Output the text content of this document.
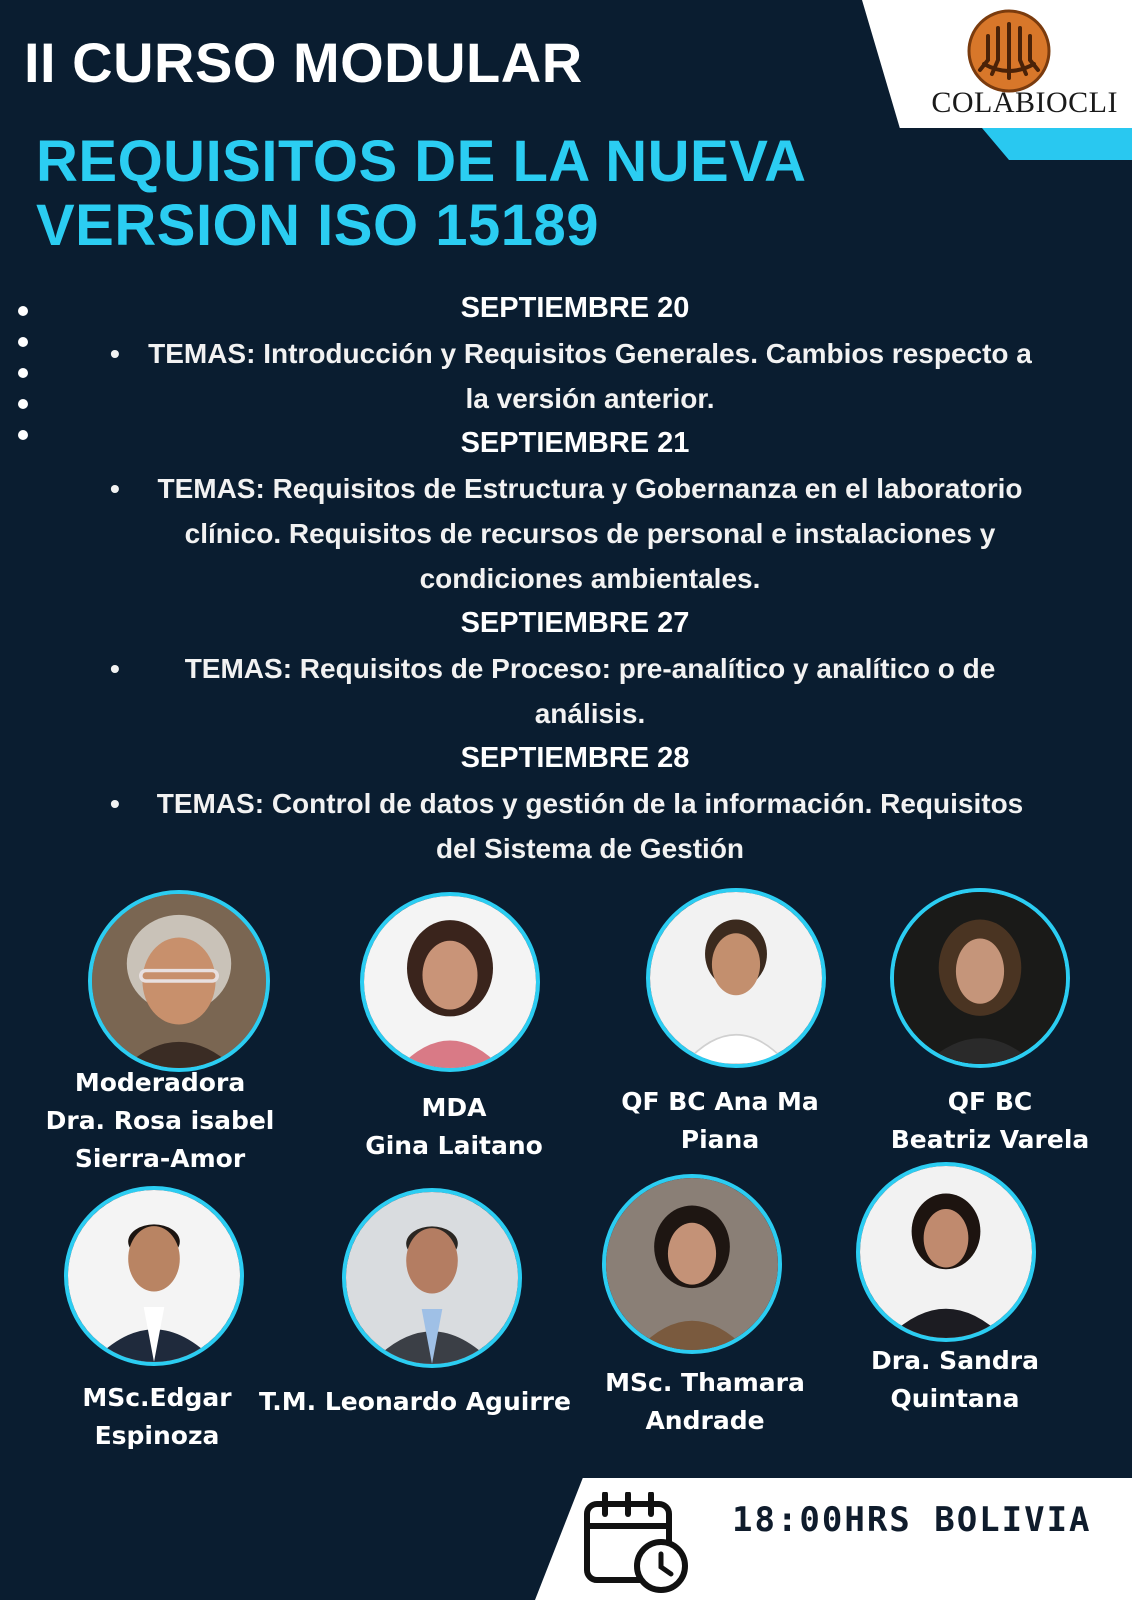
COLABIOCLI
II CURSO MODULAR
REQUISITOS DE LA NUEVA
VERSION ISO 15189
SEPTIEMBRE 20
• TEMAS: Introducción y Requisitos Generales. Cambios respecto a la versión anterior.
SEPTIEMBRE 21
• TEMAS: Requisitos de Estructura y Gobernanza en el laboratorio clínico. Requisitos de recursos de personal e instalaciones y condiciones ambientales.
SEPTIEMBRE 27
• TEMAS: Requisitos de Proceso: pre-analítico y analítico o de análisis.
SEPTIEMBRE 28
• TEMAS: Control de datos y gestión de la información. Requisitos del Sistema de Gestión
Moderadora
Dra. Rosa isabel
Sierra-Amor
MDA
Gina Laitano
QF BC Ana Ma
Piana
QF BC
Beatriz Varela
MSc.Edgar
Espinoza
T.M. Leonardo Aguirre
MSc. Thamara
Andrade
Dra. Sandra
Quintana
18:00HRS BOLIVIA
